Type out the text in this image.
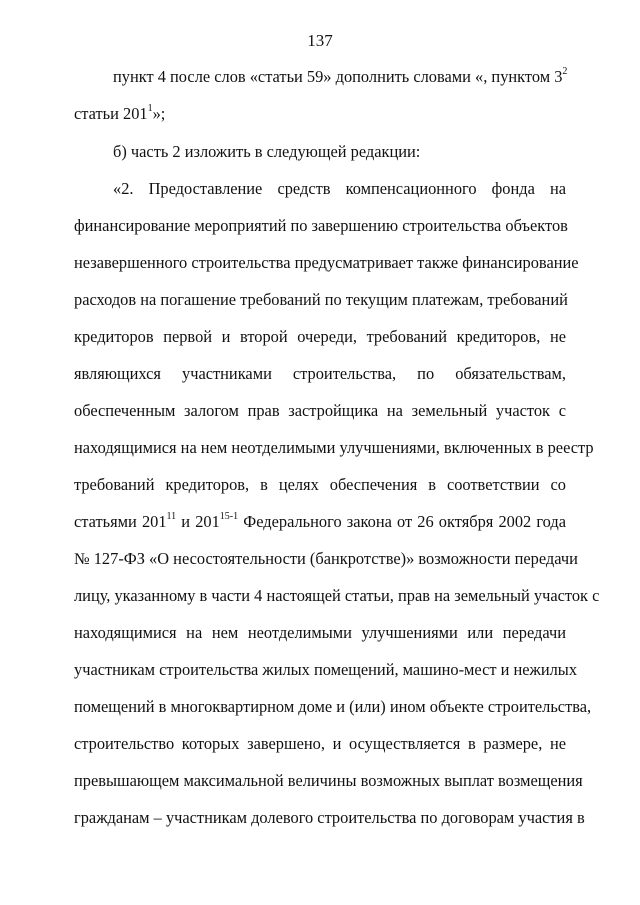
137
пункт 4 после слов «статьи 59» дополнить словами «, пунктом $3^2$
статьи $201^1$»;
б) часть 2 изложить в следующей редакции:
«2. Предоставление средств компенсационного фонда на
финансирование мероприятий по завершению строительства объектов
незавершенного строительства предусматривает также финансирование
расходов на погашение требований по текущим платежам, требований
кредиторов первой и второй очереди, требований кредиторов, не
являющихся участниками строительства, по обязательствам,
обеспеченным залогом прав застройщика на земельный участок с
находящимися на нем неотделимыми улучшениями, включенных в реестр
требований кредиторов, в целях обеспечения в соответствии со
статьями $201^{11}$ и 201$^{15-1}$ Федерального закона от 26 октября 2002 года
№ 127-ФЗ «О несостоятельности (банкротстве)» возможности передачи
лицу, указанному в части 4 настоящей статьи, прав на земельный участок с
находящимися на нем неотделимыми улучшениями или передачи
участникам строительства жилых помещений, машино-мест и нежилых
помещений в многоквартирном доме и (или) ином объекте строительства,
строительство которых завершено, и осуществляется в размере, не
превышающем максимальной величины возможных выплат возмещения
гражданам – участникам долевого строительства по договорам участия в
